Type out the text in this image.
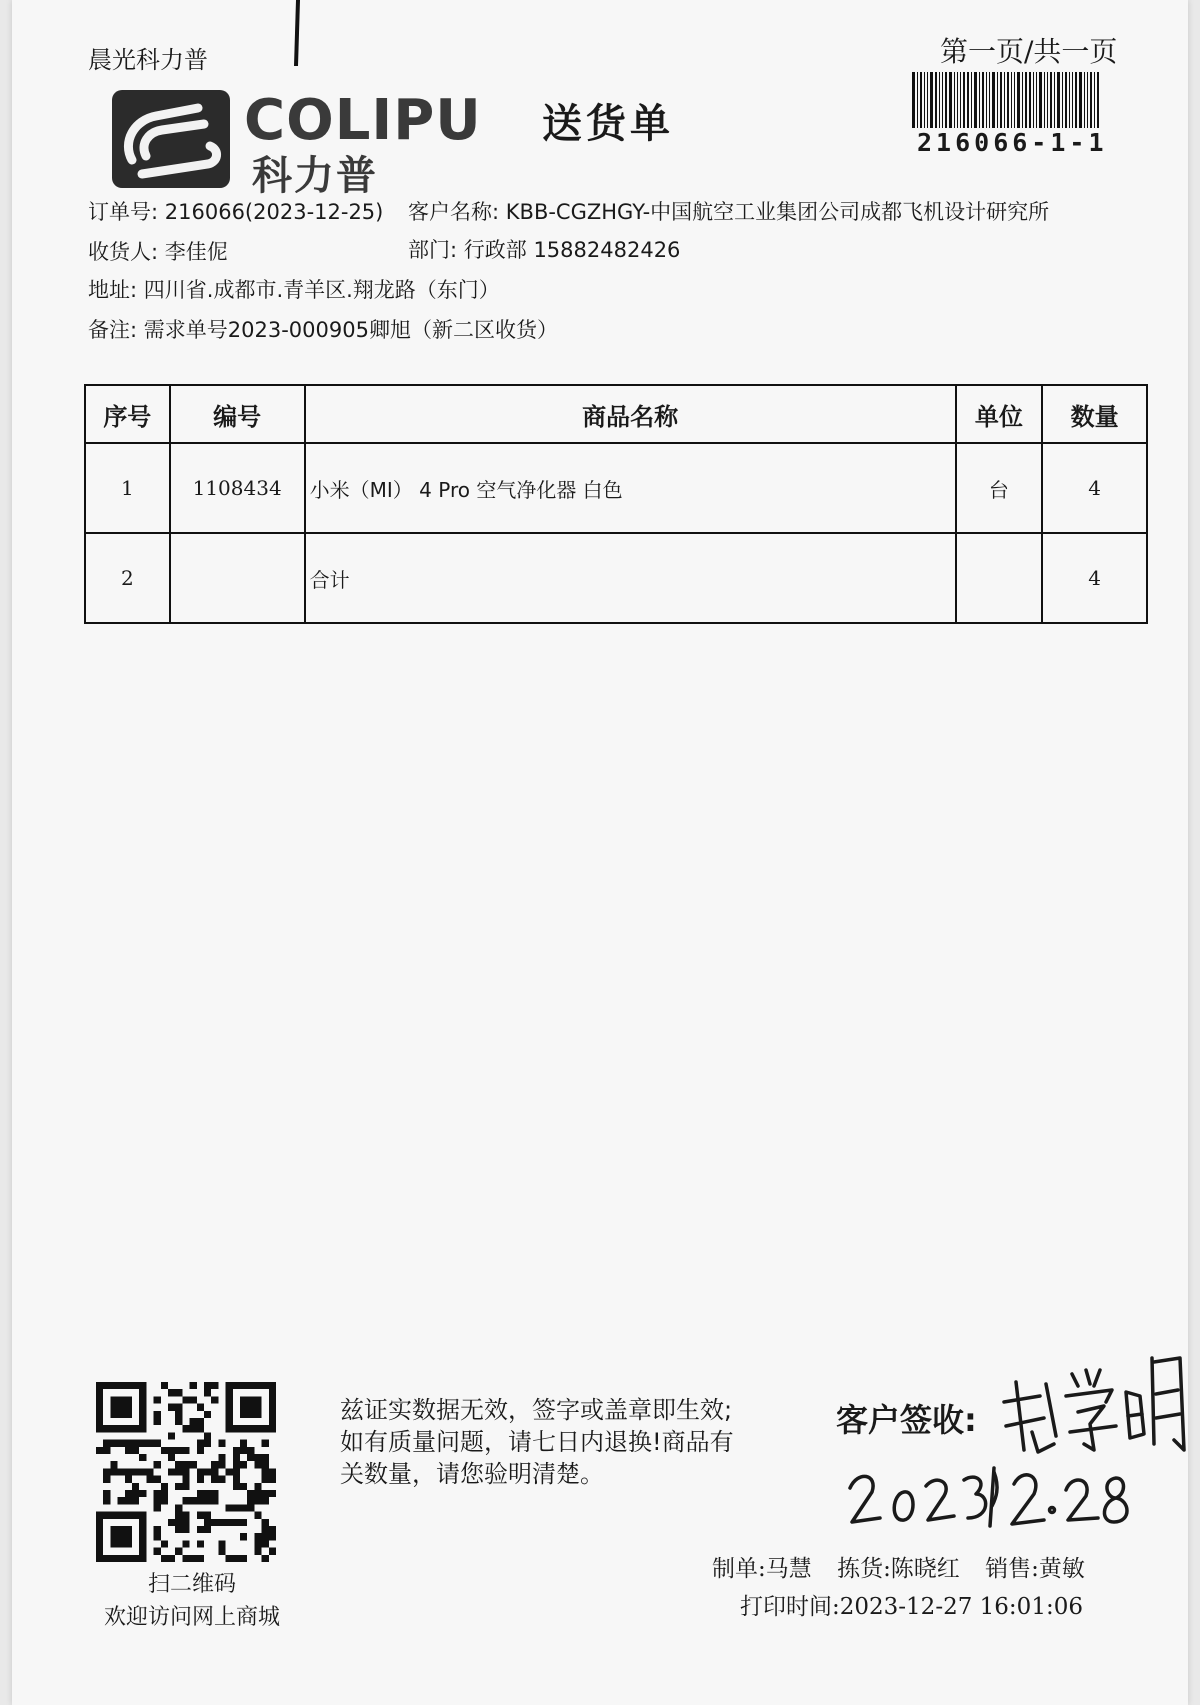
晨光科力普	第一页/共一页
216066-1-1
COLIPU
科力普
送货单
订单号: 216066(2023-12-25) 客户名称: KBB-CGZHGY-中国航空工业集团公司成都飞机设计研究所
收货人: 李佳伲	部门: 行政部 15882482426
地址: 四川省.成都市.青羊区.翔龙路（东门）
备注: 需求单号2023-000905卿旭（新二区收货）
序号	编号	商品名称	单位	数量
1	1108434	小米（MI） 4 Pro 空气净化器 白色	台	4
2		合计		4
扫二维码
欢迎访问网上商城
兹证实数据无效，签字或盖章即生效;
如有质量问题，请七日内退换!商品有
关数量，请您验明清楚。
客户签收:
制单:马慧 拣货:陈晓红 销售:黄敏
打印时间:2023-12-27 16:01:06
